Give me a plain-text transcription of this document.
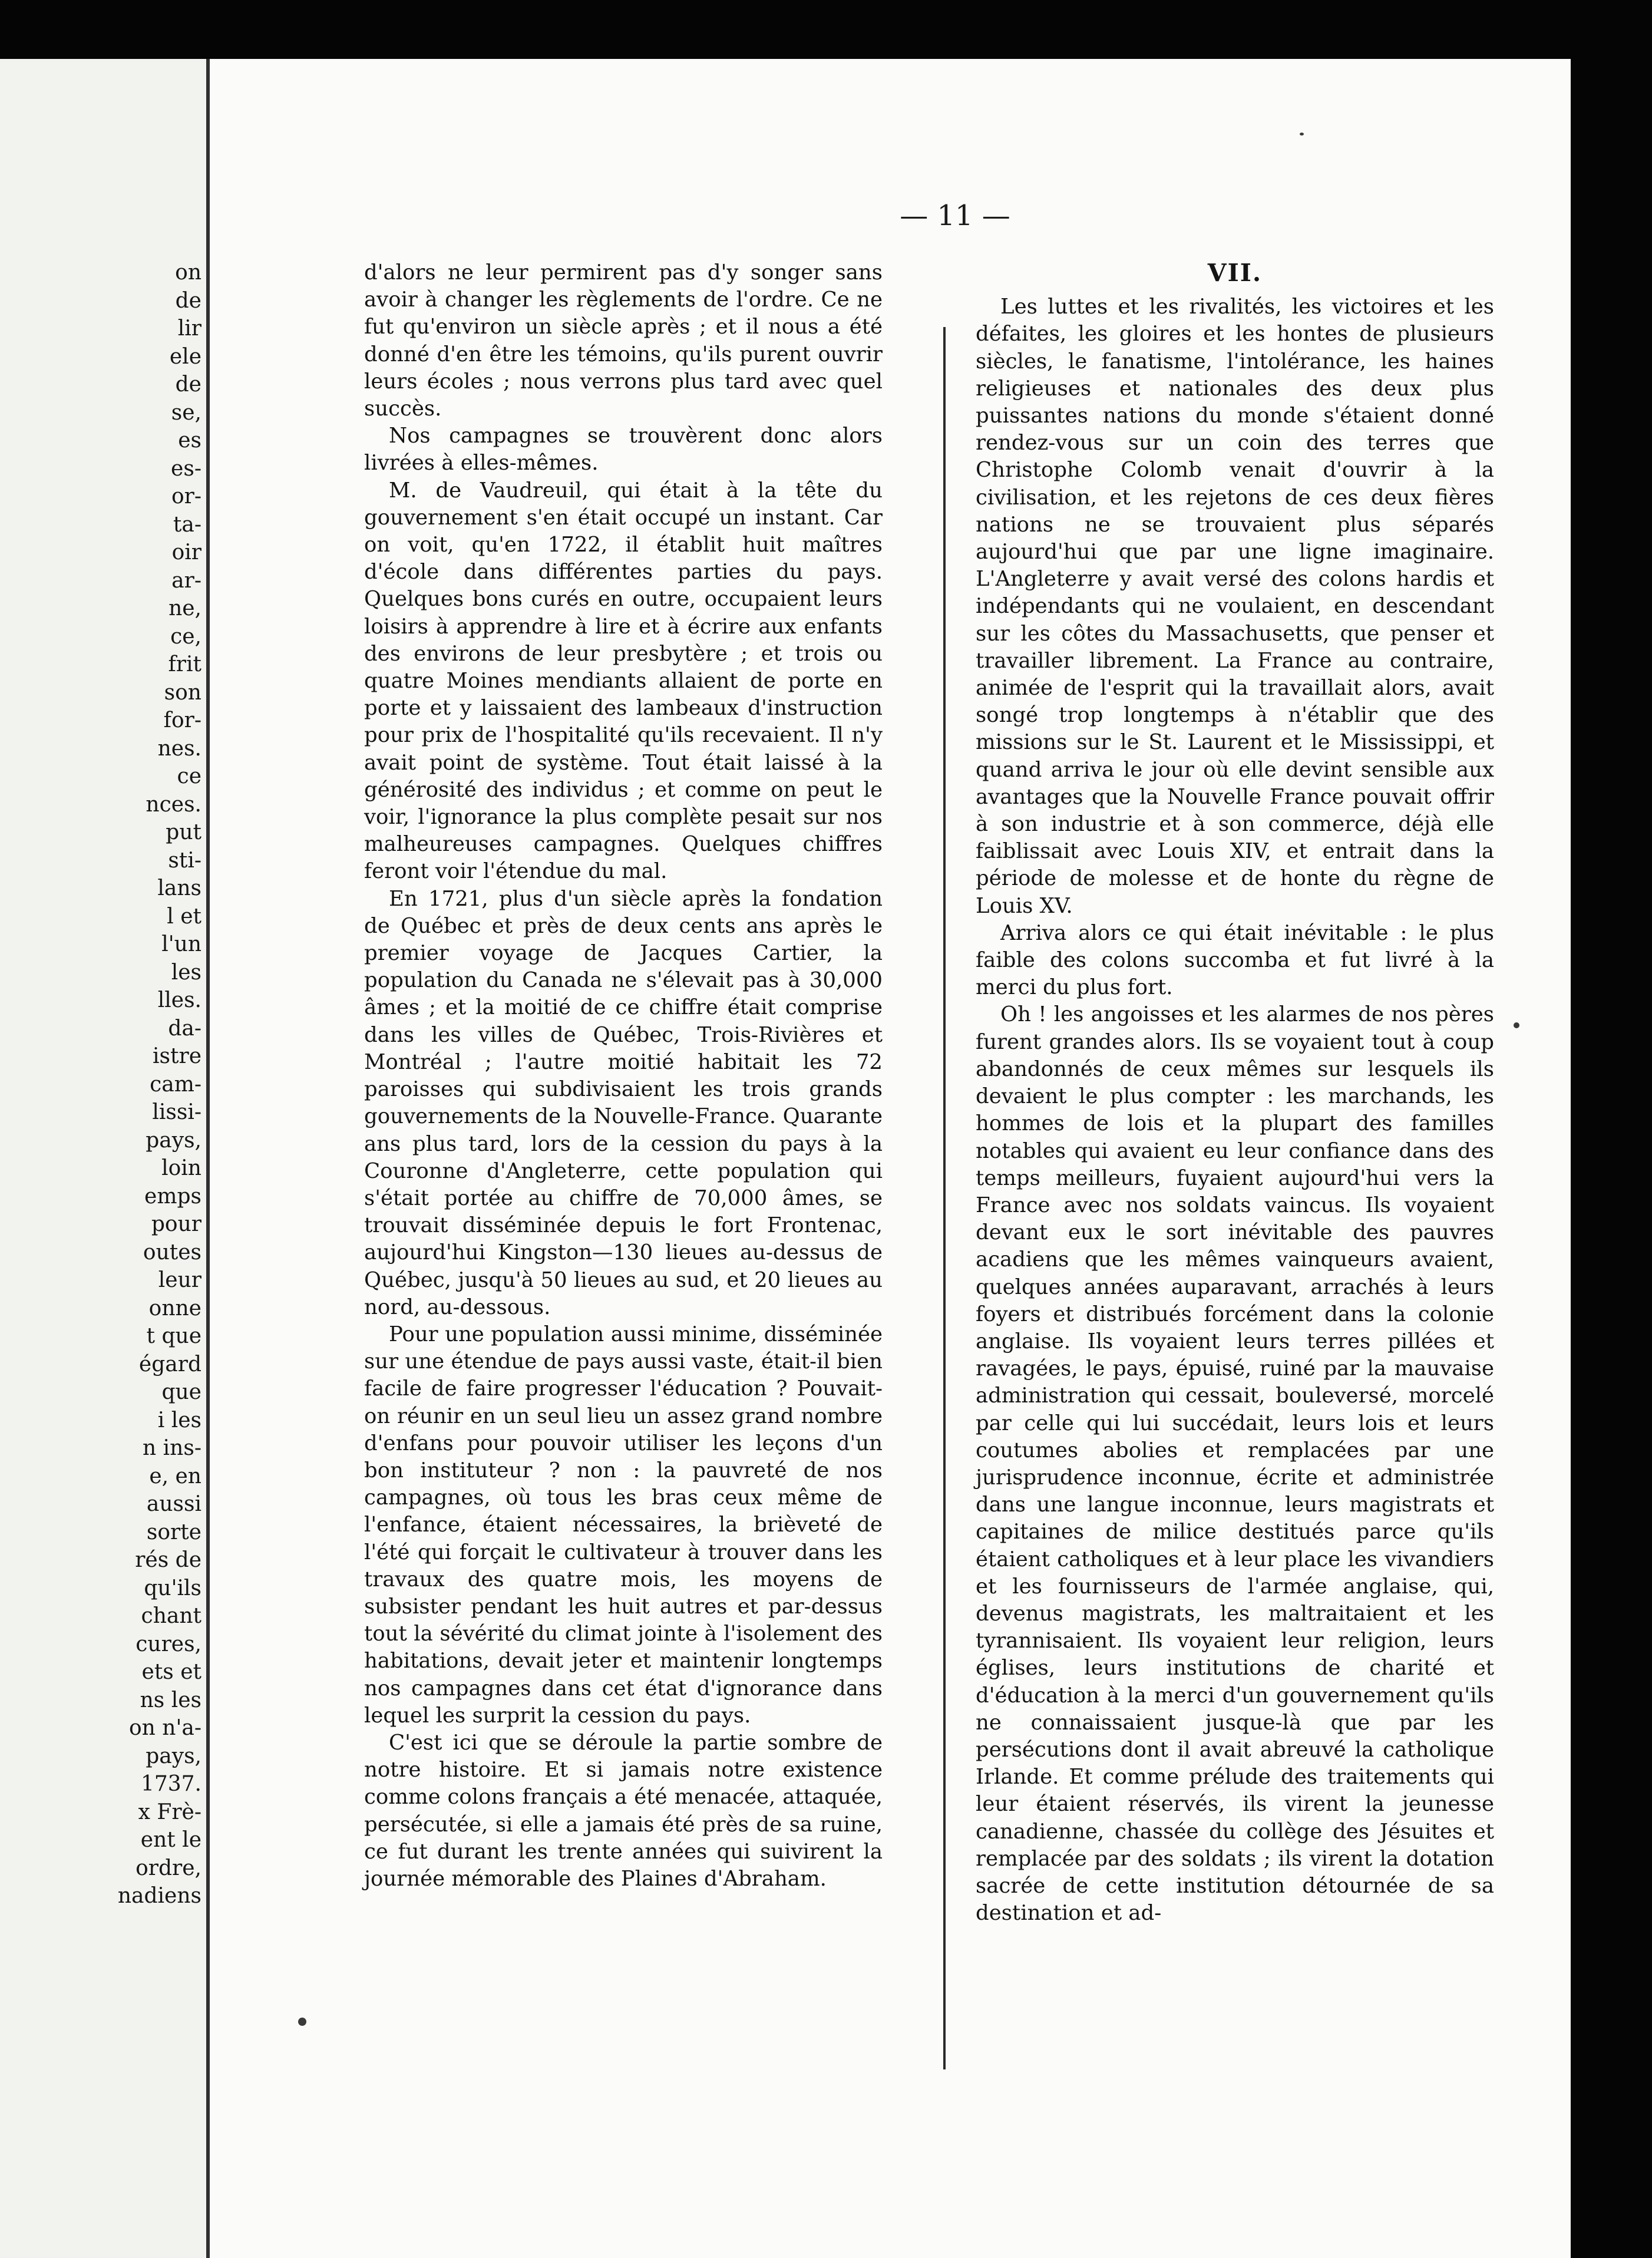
on
de
lir
ele
de
se,
es
es-
or-
ta-
oir
ar-
ne,
ce,
frit
son
for-
nes.
ce
nces.
put
sti-
lans
l et
l'un
les
lles.
da-
istre
cam-
lissi-
pays,
loin
emps
pour
outes
leur
onne
t que
égard
que
i les
n ins-
e, en
aussi
sorte
rés de
qu'ils
chant
cures,
ets et
ns les
on n'a-
pays,
1737.
x Frè-
ent le
ordre,
nadiens
— 11 —

d'alors ne leur permirent pas d'y songer sans avoir à changer les règlements de l'ordre. Ce ne fut qu'environ un siècle après ; et il nous a été donné d'en être les témoins, qu'ils purent ouvrir leurs écoles ; nous verrons plus tard avec quel succès.

Nos campagnes se trouvèrent donc alors livrées à elles-mêmes.

M. de Vaudreuil, qui était à la tête du gouvernement s'en était occupé un instant. Car on voit, qu'en 1722, il établit huit maîtres d'école dans différentes parties du pays. Quelques bons curés en outre, occupaient leurs loisirs à apprendre à lire et à écrire aux enfants des environs de leur presbytère ; et trois ou quatre Moines mendiants allaient de porte en porte et y laissaient des lambeaux d'instruction pour prix de l'hospitalité qu'ils recevaient. Il n'y avait point de système. Tout était laissé à la générosité des individus ; et comme on peut le voir, l'ignorance la plus complète pesait sur nos malheureuses campagnes. Quelques chiffres feront voir l'étendue du mal.

En 1721, plus d'un siècle après la fondation de Québec et près de deux cents ans après le premier voyage de Jacques Cartier, la population du Canada ne s'élevait pas à 30,000 âmes ; et la moitié de ce chiffre était comprise dans les villes de Québec, Trois-Rivières et Montréal ; l'autre moitié habitait les 72 paroisses qui subdivisaient les trois grands gouvernements de la Nouvelle-France. Quarante ans plus tard, lors de la cession du pays à la Couronne d'Angleterre, cette population qui s'était portée au chiffre de 70,000 âmes, se trouvait disséminée depuis le fort Frontenac, aujourd'hui Kingston—130 lieues au-dessus de Québec, jusqu'à 50 lieues au sud, et 20 lieues au nord, au-dessous.

Pour une population aussi minime, disséminée sur une étendue de pays aussi vaste, était-il bien facile de faire progresser l'éducation ? Pouvait-on réunir en un seul lieu un assez grand nombre d'enfans pour pouvoir utiliser les leçons d'un bon instituteur ? non : la pauvreté de nos campagnes, où tous les bras ceux même de l'enfance, étaient nécessaires, la brièveté de l'été qui forçait le cultivateur à trouver dans les travaux des quatre mois, les moyens de subsister pendant les huit autres et par-dessus tout la sévérité du climat jointe à l'isolement des habitations, devait jeter et maintenir longtemps nos campagnes dans cet état d'ignorance dans lequel les surprit la cession du pays.

C'est ici que se déroule la partie sombre de notre histoire. Et si jamais notre existence comme colons français a été menacée, attaquée, persécutée, si elle a jamais été près de sa ruine, ce fut durant les trente années qui suivirent la journée mémorable des Plaines d'Abraham.

VII.

Les luttes et les rivalités, les victoires et les défaites, les gloires et les hontes de plusieurs siècles, le fanatisme, l'intolérance, les haines religieuses et nationales des deux plus puissantes nations du monde s'étaient donné rendez-vous sur un coin des terres que Christophe Colomb venait d'ouvrir à la civilisation, et les rejetons de ces deux fières nations ne se trouvaient plus séparés aujourd'hui que par une ligne imaginaire. L'Angleterre y avait versé des colons hardis et indépendants qui ne voulaient, en descendant sur les côtes du Massachusetts, que penser et travailler librement. La France au contraire, animée de l'esprit qui la travaillait alors, avait songé trop longtemps à n'établir que des missions sur le St. Laurent et le Mississippi, et quand arriva le jour où elle devint sensible aux avantages que la Nouvelle France pouvait offrir à son industrie et à son commerce, déjà elle faiblissait avec Louis XIV, et entrait dans la période de molesse et de honte du règne de Louis XV.

Arriva alors ce qui était inévitable : le plus faible des colons succomba et fut livré à la merci du plus fort.

Oh ! les angoisses et les alarmes de nos pères furent grandes alors. Ils se voyaient tout à coup abandonnés de ceux mêmes sur lesquels ils devaient le plus compter : les marchands, les hommes de lois et la plupart des familles notables qui avaient eu leur confiance dans des temps meilleurs, fuyaient aujourd'hui vers la France avec nos soldats vaincus. Ils voyaient devant eux le sort inévitable des pauvres acadiens que les mêmes vainqueurs avaient, quelques années auparavant, arrachés à leurs foyers et distribués forcément dans la colonie anglaise. Ils voyaient leurs terres pillées et ravagées, le pays, épuisé, ruiné par la mauvaise administration qui cessait, bouleversé, morcelé par celle qui lui succédait, leurs lois et leurs coutumes abolies et remplacées par une jurisprudence inconnue, écrite et administrée dans une langue inconnue, leurs magistrats et capitaines de milice destitués parce qu'ils étaient catholiques et à leur place les vivandiers et les fournisseurs de l'armée anglaise, qui, devenus magistrats, les maltraitaient et les tyrannisaient. Ils voyaient leur religion, leurs églises, leurs institutions de charité et d'éducation à la merci d'un gouvernement qu'ils ne connaissaient jusque-là que par les persécutions dont il avait abreuvé la catholique Irlande. Et comme prélude des traitements qui leur étaient réservés, ils virent la jeunesse canadienne, chassée du collège des Jésuites et remplacée par des soldats ; ils virent la dotation sacrée de cette institution détournée de sa destination et ad-
